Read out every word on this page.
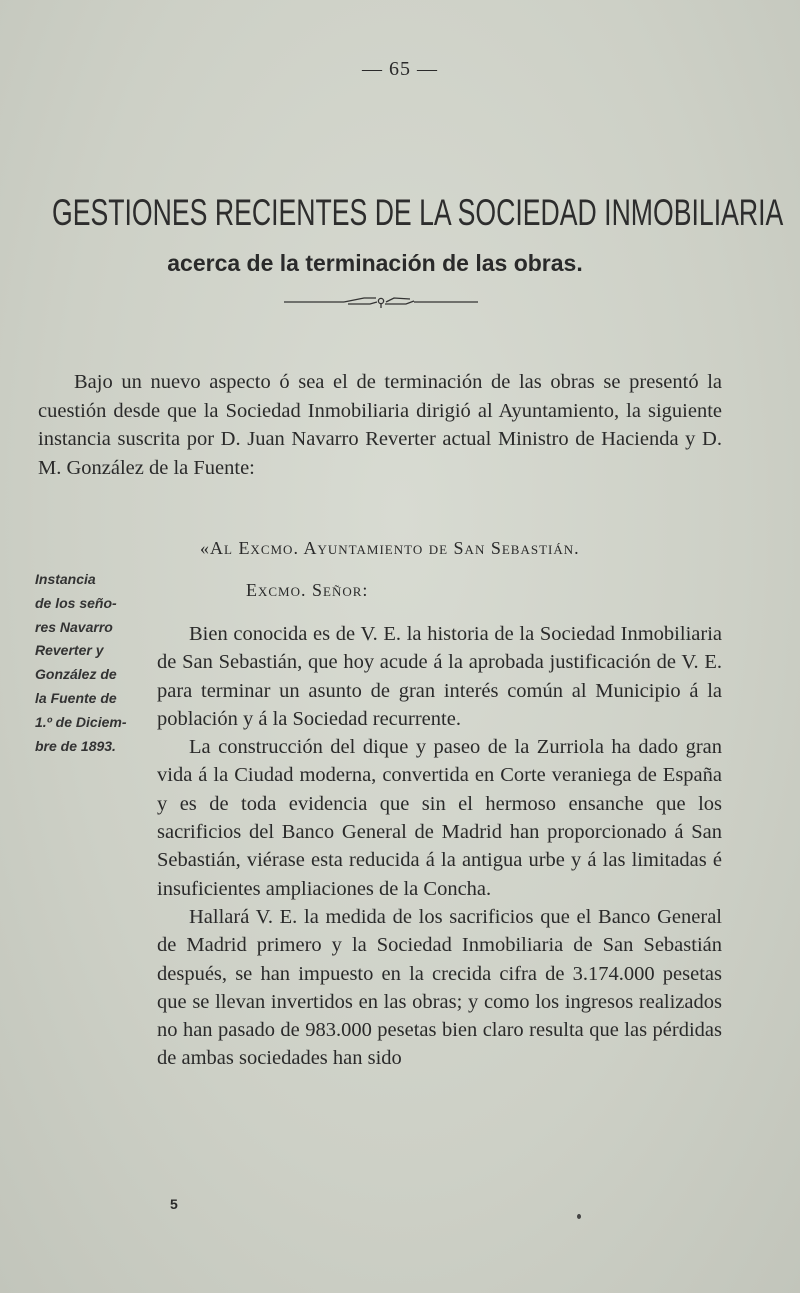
— 65 —
GESTIONES RECIENTES DE LA SOCIEDAD INMOBILIARIA
acerca de la terminación de las obras.
Bajo un nuevo aspecto ó sea el de terminación de las obras se presentó la cuestión desde que la Sociedad Inmobiliaria dirigió al Ayuntamiento, la siguiente instancia suscrita por D. Juan Navarro Reverter actual Ministro de Hacienda y D. M. González de la Fuente:
«Al Excmo. Ayuntamiento de San Sebastián.
Excmo. Señor:
Instancia
de los seño-
res Navarro
Reverter y
González de
la Fuente de
1.º de Diciem-
bre de 1893.

Bien conocida es de V. E. la historia de la Sociedad Inmobiliaria de San Sebastián, que hoy acude á la aprobada justificación de V. E. para terminar un asunto de gran interés común al Municipio á la población y á la Sociedad recurrente.

La construcción del dique y paseo de la Zurriola ha dado gran vida á la Ciudad moderna, convertida en Corte veraniega de España y es de toda evidencia que sin el hermoso ensanche que los sacrificios del Banco General de Madrid han proporcionado á San Sebastián, viérase esta reducida á la antigua urbe y á las limitadas é insuficientes ampliaciones de la Concha.

Hallará V. E. la medida de los sacrificios que el Banco General de Madrid primero y la Sociedad Inmobiliaria de San Sebastián después, se han impuesto en la crecida cifra de 3.174.000 pesetas que se llevan invertidos en las obras; y como los ingresos realizados no han pasado de 983.000 pesetas bien claro resulta que las pérdidas de ambas sociedades han sido

5
